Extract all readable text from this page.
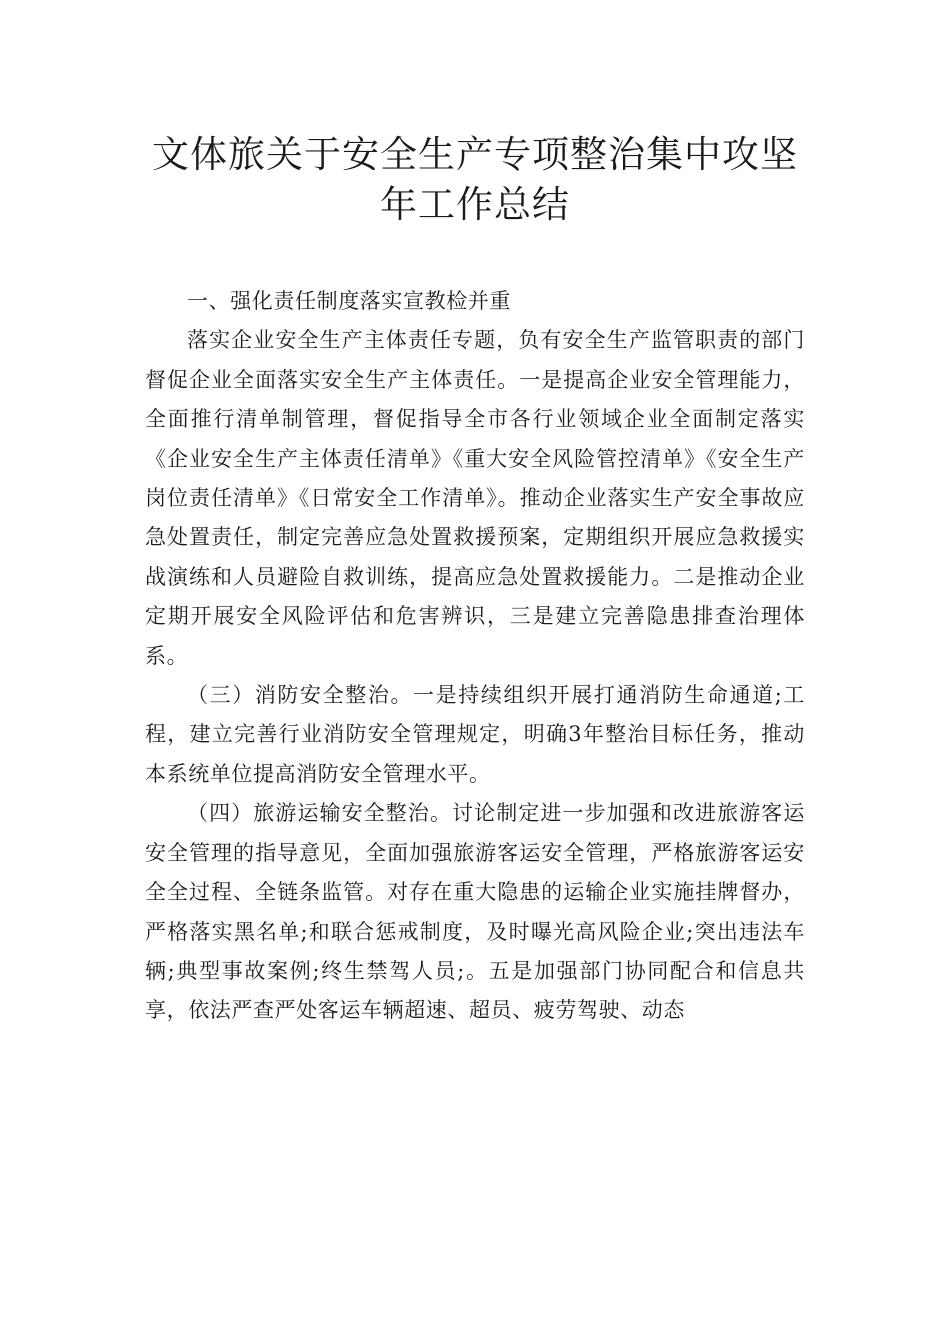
文体旅关于安全生产专项整治集中攻坚
年工作总结

一、强化责任制度落实宣教检并重

落实企业安全生产主体责任专题，负有安全生产监管职责的部门督促企业全面落实安全生产主体责任。一是提高企业安全管理能力，全面推行清单制管理，督促指导全市各行业领域企业全面制定落实《企业安全生产主体责任清单》《重大安全风险管控清单》《安全生产岗位责任清单》《日常安全工作清单》。推动企业落实生产安全事故应急处置责任，制定完善应急处置救援预案，定期组织开展应急救援实战演练和人员避险自救训练，提高应急处置救援能力。二是推动企业定期开展安全风险评估和危害辨识，三是建立完善隐患排查治理体系。

（三）消防安全整治。一是持续组织开展打通消防生命通道;工程，建立完善行业消防安全管理规定，明确3年整治目标任务，推动本系统单位提高消防安全管理水平。

（四）旅游运输安全整治。讨论制定进一步加强和改进旅游客运安全管理的指导意见，全面加强旅游客运安全管理，严格旅游客运安全全过程、全链条监管。对存在重大隐患的运输企业实施挂牌督办，严格落实黑名单;和联合惩戒制度，及时曝光高风险企业;突出违法车辆;典型事故案例;终生禁驾人员;。五是加强部门协同配合和信息共享，依法严查严处客运车辆超速、超员、疲劳驾驶、动态
